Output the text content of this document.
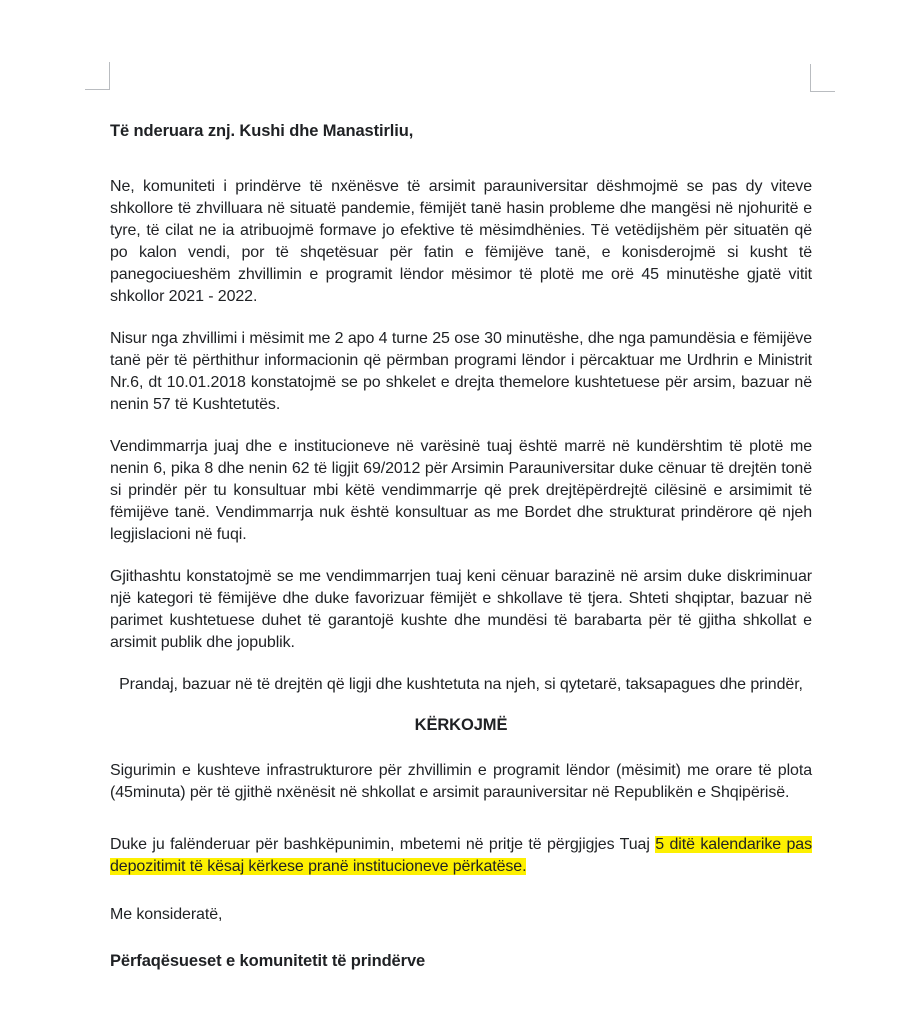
Të nderuara znj. Kushi dhe Manastirliu,

Ne, komuniteti i prindërve të nxënësve të arsimit parauniversitar dëshmojmë se pas dy viteve shkollore të zhvilluara në situatë pandemie, fëmijët tanë hasin probleme dhe mangësi në njohuritë e tyre, të cilat ne ia atribuojmë formave jo efektive të mësimdhënies. Të vetëdijshëm për situatën që po kalon vendi, por të shqetësuar për fatin e fëmijëve tanë, e konisderojmë si kusht të panegociueshëm zhvillimin e programit lëndor mësimor të plotë me orë 45 minutëshe gjatë vitit shkollor 2021 - 2022.

Nisur nga zhvillimi i mësimit me 2 apo 4 turne 25 ose 30 minutëshe, dhe nga pamundësia e fëmijëve tanë për të përthithur informacionin që përmban programi lëndor i përcaktuar me Urdhrin e Ministrit Nr.6, dt 10.01.2018 konstatojmë se po shkelet e drejta themelore kushtetuese për arsim, bazuar në nenin 57 të Kushtetutës.

Vendimmarrja juaj dhe e institucioneve në varësinë tuaj është marrë në kundërshtim të plotë me nenin 6, pika 8 dhe nenin 62 të ligjit 69/2012 për Arsimin Parauniversitar duke cënuar të drejtën tonë si prindër për tu konsultuar mbi këtë vendimmarrje që prek drejtëpërdrejtë cilësinë e arsimimit të fëmijëve tanë. Vendimmarrja nuk është konsultuar as me Bordet dhe strukturat prindërore që njeh legjislacioni në fuqi.

Gjithashtu konstatojmë se me vendimmarrjen tuaj keni cënuar barazinë në arsim duke diskriminuar një kategori të fëmijëve dhe duke favorizuar fëmijët e shkollave të tjera. Shteti shqiptar, bazuar në parimet kushtetuese duhet të garantojë kushte dhe mundësi të barabarta për të gjitha shkollat e arsimit publik dhe jopublik.

Prandaj, bazuar në të drejtën që ligji dhe kushtetuta na njeh, si qytetarë, taksapagues dhe prindër,

KËRKOJMË

Sigurimin e kushteve infrastrukturore për zhvillimin e programit lëndor (mësimit) me orare të plota (45minuta) për të gjithë nxënësit në shkollat e arsimit parauniversitar në Republikën e Shqipërisë.

Duke ju falënderuar për bashkëpunimin, mbetemi në pritje të përgjigjes Tuaj 5 ditë kalendarike pas depozitimit të kësaj kërkese pranë institucioneve përkatëse.

Me konsideratë,

Përfaqësueset e komunitetit të prindërve
